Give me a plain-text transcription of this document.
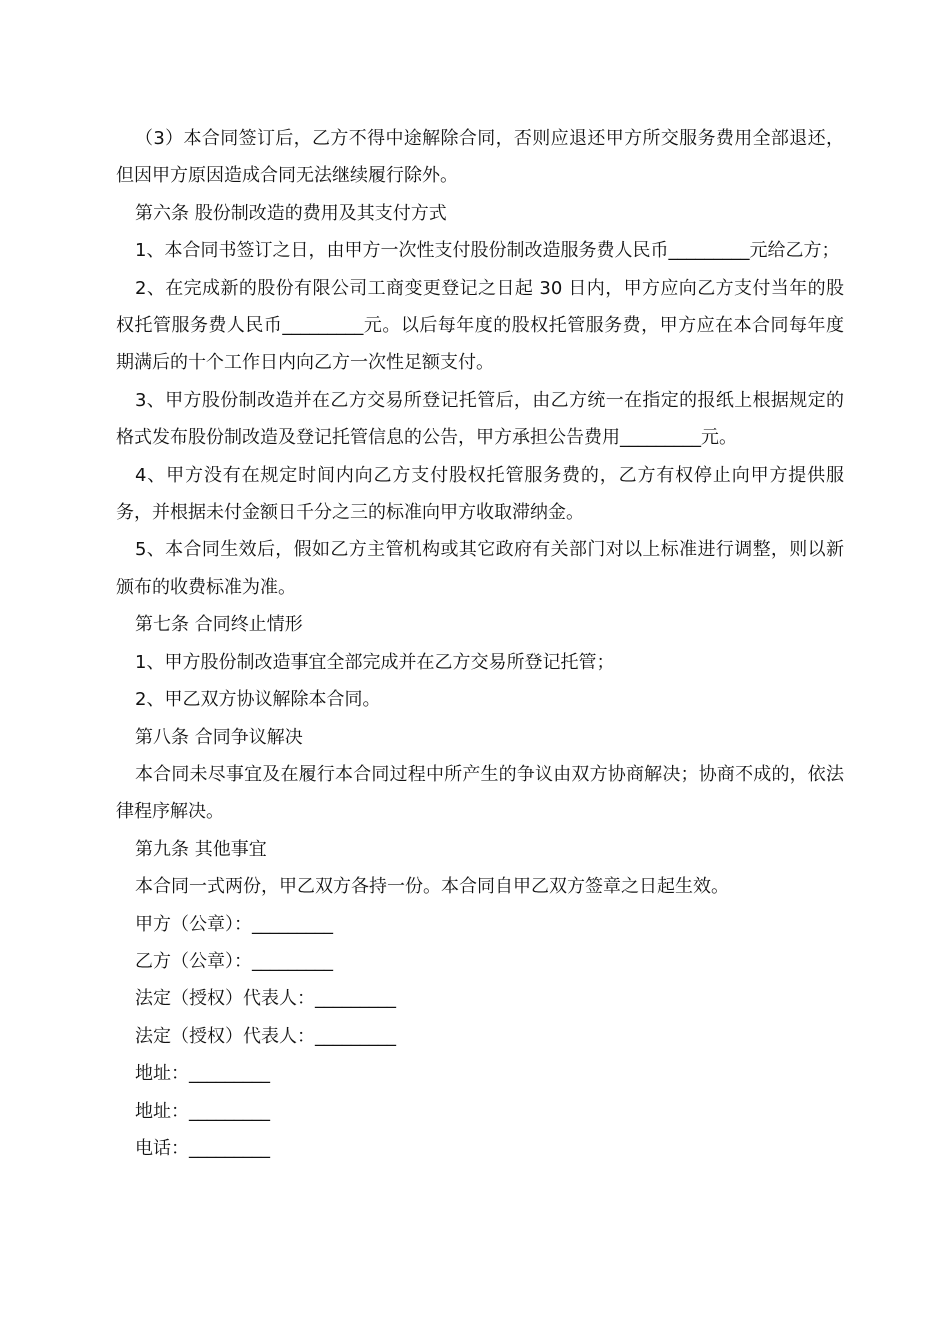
（3）本合同签订后，乙方不得中途解除合同，否则应退还甲方所交服务费用全部退还，但因甲方原因造成合同无法继续履行除外。

第六条 股份制改造的费用及其支付方式

1、本合同书签订之日，由甲方一次性支付股份制改造服务费人民币_________元给乙方；

2、在完成新的股份有限公司工商变更登记之日起 30 日内，甲方应向乙方支付当年的股权托管服务费人民币_________元。以后每年度的股权托管服务费，甲方应在本合同每年度期满后的十个工作日内向乙方一次性足额支付。

3、甲方股份制改造并在乙方交易所登记托管后，由乙方统一在指定的报纸上根据规定的格式发布股份制改造及登记托管信息的公告，甲方承担公告费用_________元。

4、甲方没有在规定时间内向乙方支付股权托管服务费的，乙方有权停止向甲方提供服务，并根据未付金额日千分之三的标准向甲方收取滞纳金。

5、本合同生效后，假如乙方主管机构或其它政府有关部门对以上标准进行调整，则以新颁布的收费标准为准。

第七条 合同终止情形

1、甲方股份制改造事宜全部完成并在乙方交易所登记托管；

2、甲乙双方协议解除本合同。

第八条 合同争议解决

本合同未尽事宜及在履行本合同过程中所产生的争议由双方协商解决；协商不成的，依法律程序解决。

第九条 其他事宜

本合同一式两份，甲乙双方各持一份。本合同自甲乙双方签章之日起生效。

甲方（公章）：_________

乙方（公章）：_________

法定（授权）代表人：_________

法定（授权）代表人：_________

地址：_________

地址：_________

电话：_________
